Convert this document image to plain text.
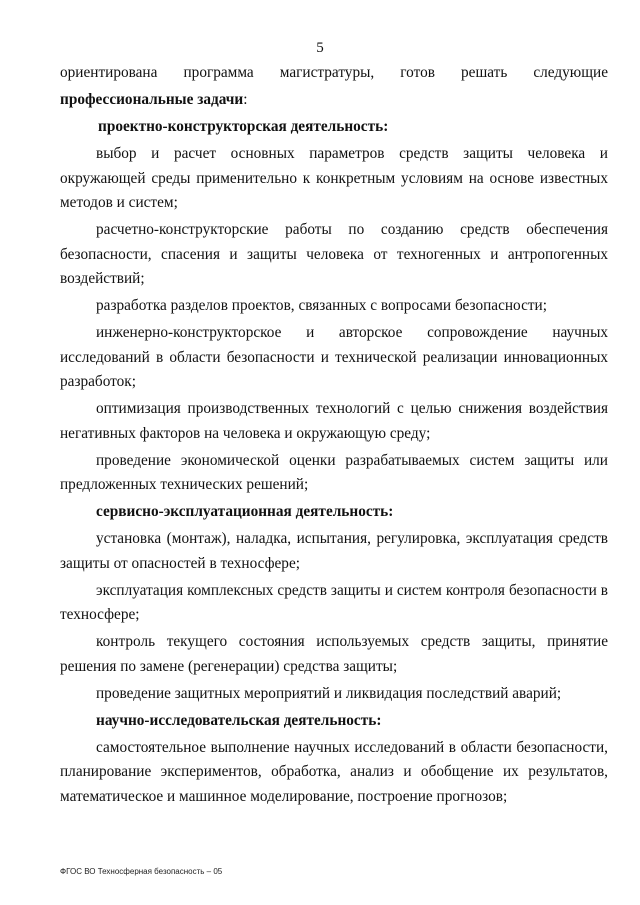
5

ориентирована программа магистратуры, готов решать следующие

профессиональные задачи:

проектно-конструкторская деятельность:

выбор и расчет основных параметров средств защиты человека и окружающей среды применительно к конкретным условиям на основе известных методов и систем;

расчетно-конструкторские работы по созданию средств обеспечения безопасности, спасения и защиты человека от техногенных и антропогенных воздействий;

разработка разделов проектов, связанных с вопросами безопасности;

инженерно-конструкторское и авторское сопровождение научных исследований в области безопасности и технической реализации инновационных разработок;

оптимизация производственных технологий с целью снижения воздействия негативных факторов на человека и окружающую среду;

проведение экономической оценки разрабатываемых систем защиты или предложенных технических решений;

сервисно-эксплуатационная деятельность:

установка (монтаж), наладка, испытания, регулировка, эксплуатация средств защиты от опасностей в техносфере;

эксплуатация комплексных средств защиты и систем контроля безопасности в техносфере;

контроль текущего состояния используемых средств защиты, принятие решения по замене (регенерации) средства защиты;

проведение защитных мероприятий и ликвидация последствий аварий;

научно-исследовательская деятельность:

самостоятельное выполнение научных исследований в области безопасности, планирование экспериментов, обработка, анализ и обобщение их результатов, математическое и машинное моделирование, построение прогнозов;

ФГОС ВО Техносферная безопасность – 05
